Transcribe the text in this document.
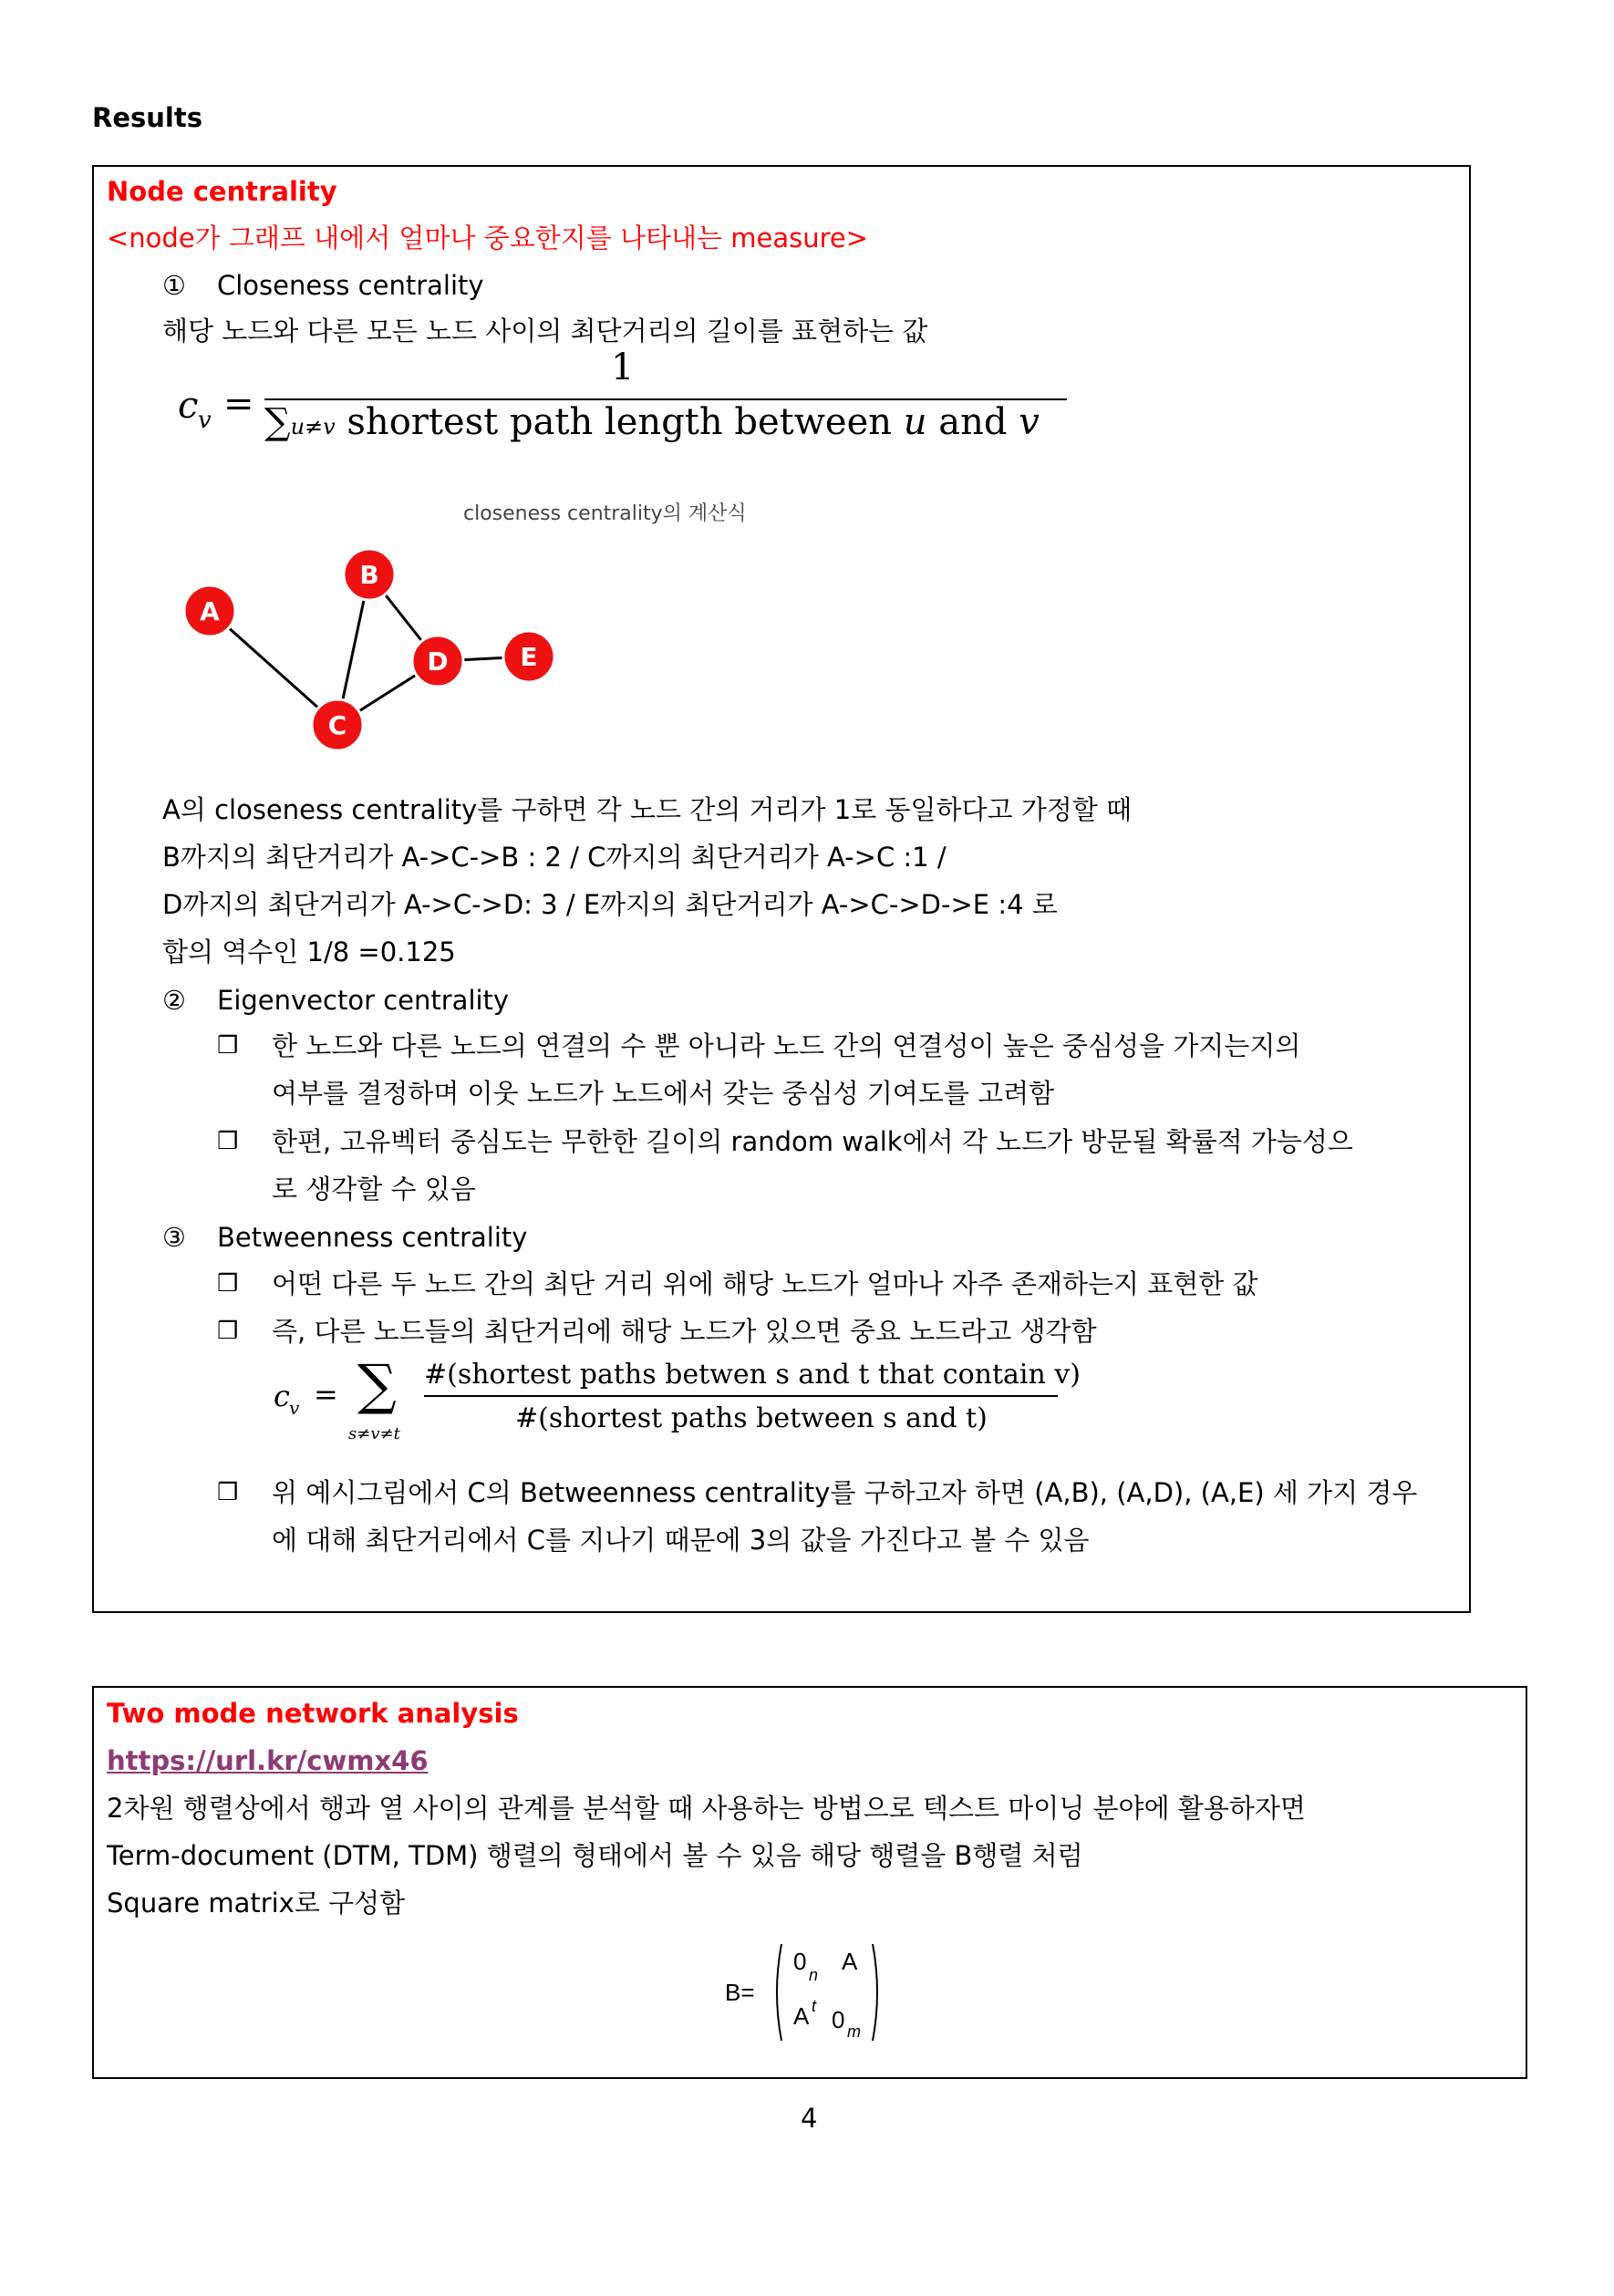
Results
Node centrality
<node가 그래프 내에서 얼마나 중요한지를 나타내는 measure>
① Closeness centrality
해당 노드와 다른 모든 노드 사이의 최단거리의 길이를 표현하는 값
c v =
1
∑u≠v shortest path length between u and v
closeness centrality의 계산식
A
B
C
D	E
A의 closeness centrality를 구하면 각 노드 간의 거리가 1로 동일하다고 가정할 때
B까지의 최단거리가 A->C->B : 2 / C까지의 최단거리가 A->C :1 /
D까지의 최단거리가 A->C->D: 3 / E까지의 최단거리가 A->C->D->E :4 로
합의 역수인 1/8 =0.125
② Eigenvector centrality
❒ 한 노드와 다른 노드의 연결의 수 뿐 아니라 노드 간의 연결성이 높은 중심성을 가지는지의
여부를 결정하며 이웃 노드가 노드에서 갖는 중심성 기여도를 고려함
❒ 한편, 고유벡터 중심도는 무한한 길이의 random walk에서 각 노드가 방문될 확률적 가능성으
로 생각할 수 있음
③ Betweenness centrality
❒ 어떤 다른 두 노드 간의 최단 거리 위에 해당 노드가 얼마나 자주 존재하는지 표현한 값
❒ 즉, 다른 노드들의 최단거리에 해당 노드가 있으면 중요 노드라고 생각함
c v = ∑
s≠v≠t
#(shortest paths betwen s and t that contain v)
#(shortest paths between s and t)
❒ 위 예시그림에서 C의 Betweenness centrality를 구하고자 하면 (A,B), (A,D), (A,E) 세 가지 경우
에 대해 최단거리에서 C를 지나기 때문에 3의 값을 가진다고 볼 수 있음
Two mode network analysis
https://url.kr/cwmx46
2차원 행렬상에서 행과 열 사이의 관계를 분석할 때 사용하는 방법으로 텍스트 마이닝 분야에 활용하자면
Term-document (DTM, TDM) 행렬의 형태에서 볼 수 있음 해당 행렬을 B행렬 처럼
Square matrix로 구성함
B=
0 n A
A t 0 m
4
